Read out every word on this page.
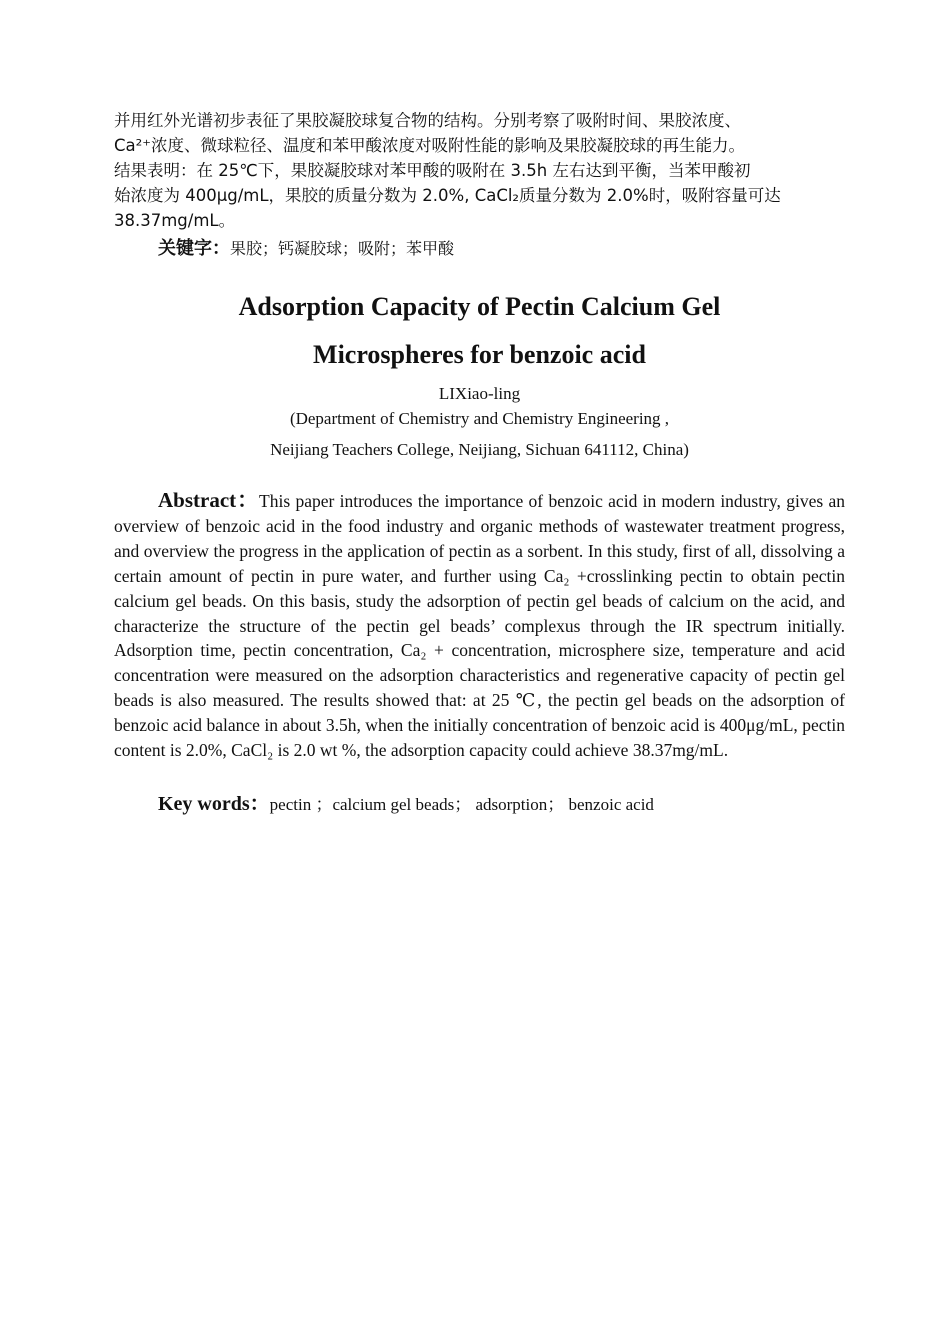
并用红外光谱初步表征了果胶凝胶球复合物的结构。分别考察了吸附时间、果胶浓度、
Ca²⁺浓度、微球粒径、温度和苯甲酸浓度对吸附性能的影响及果胶凝胶球的再生能力。
结果表明：在 25℃下，果胶凝胶球对苯甲酸的吸附在 3.5h 左右达到平衡，当苯甲酸初
始浓度为 400μg/mL，果胶的质量分数为 2.0%, CaCl₂质量分数为 2.0%时，吸附容量可达
38.37mg/mL。

关键字：果胶；钙凝胶球；吸附；苯甲酸
Adsorption Capacity of Pectin Calcium Gel
Microspheres for benzoic acid
LIXiao-ling
(Department of Chemistry and Chemistry Engineering ,
Neijiang Teachers College, Neijiang, Sichuan 641112, China)

Abstract：This paper introduces the importance of benzoic acid in modern industry, gives an overview of benzoic acid in the food industry and organic methods of wastewater treatment progress, and overview the progress in the application of pectin as a sorbent. In this study, first of all, dissolving a certain amount of pectin in pure water, and further using Ca₂ +crosslinking pectin to obtain pectin calcium gel beads. On this basis, study the adsorption of pectin gel beads of calcium on the acid, and characterize the structure of the pectin gel beads’ complexus through the IR spectrum initially. Adsorption time, pectin concentration, Ca₂ + concentration, microsphere size, temperature and acid concentration were measured on the adsorption characteristics and regenerative capacity of pectin gel beads is also measured. The results showed that: at 25 ℃, the pectin gel beads on the adsorption of benzoic acid balance in about 3.5h, when the initially concentration of benzoic acid is 400μg/mL, pectin content is 2.0%, CaCl₂ is 2.0 wt %, the adsorption capacity could achieve 38.37mg/mL.

Key words：pectin ；calcium gel beads； adsorption； benzoic acid
